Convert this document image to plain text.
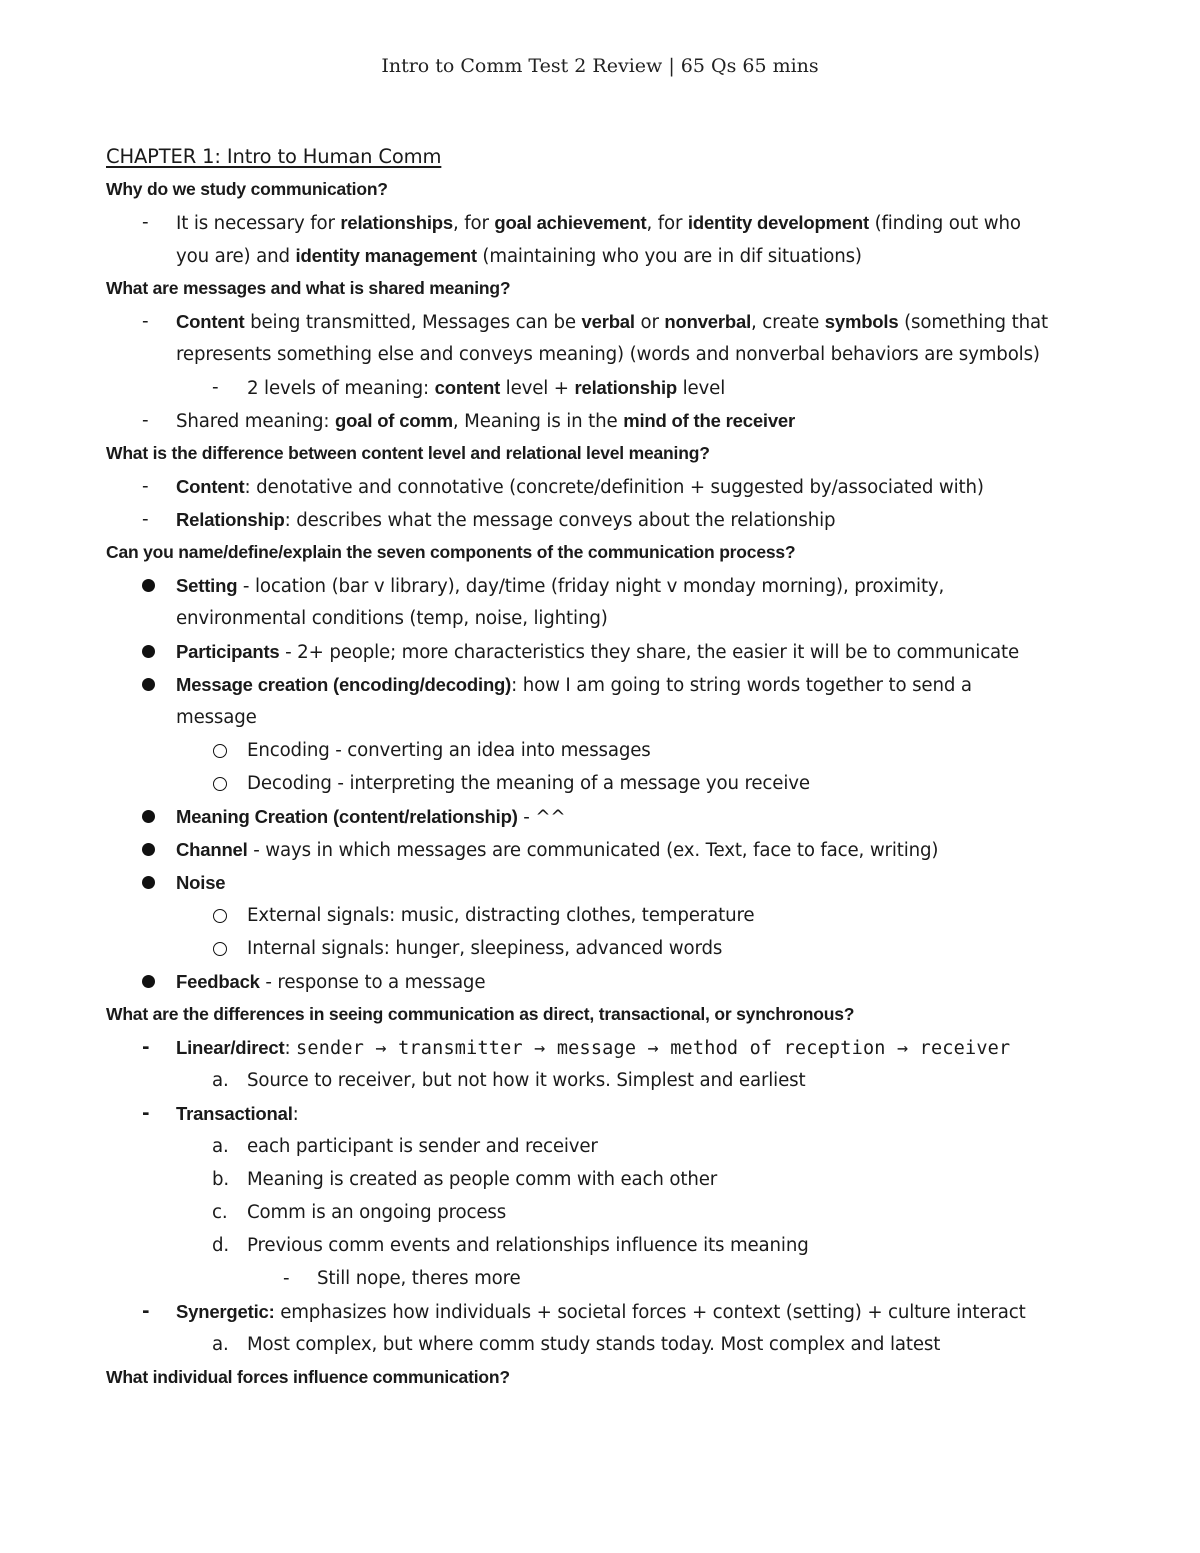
Intro to Comm Test 2 Review | 65 Qs 65 mins
CHAPTER 1: Intro to Human Comm
Why do we study communication?
- It is necessary for relationships, for goal achievement, for identity development (finding out who
you are) and identity management (maintaining who you are in dif situations)
What are messages and what is shared meaning?
- Content being transmitted, Messages can be verbal or nonverbal, create symbols (something that
represents something else and conveys meaning) (words and nonverbal behaviors are symbols)
- 2 levels of meaning: content level + relationship level
- Shared meaning: goal of comm, Meaning is in the mind of the receiver
What is the difference between content level and relational level meaning?
- Content: denotative and connotative (concrete/definition + suggested by/associated with)
- Relationship: describes what the message conveys about the relationship
Can you name/define/explain the seven components of the communication process?
Setting - location (bar v library), day/time (friday night v monday morning), proximity,
environmental conditions (temp, noise, lighting)
Participants - 2+ people; more characteristics they share, the easier it will be to communicate
Message creation (encoding/decoding): how I am going to string words together to send a
message
Encoding - converting an idea into messages
Decoding - interpreting the meaning of a message you receive
Meaning Creation (content/relationship) - ^^
Channel - ways in which messages are communicated (ex. Text, face to face, writing)
Noise
External signals: music, distracting clothes, temperature
Internal signals: hunger, sleepiness, advanced words
Feedback - response to a message
What are the differences in seeing communication as direct, transactional, or synchronous?
- Linear/direct: sender → transmitter → message → method of reception → receiver
a. Source to receiver, but not how it works. Simplest and earliest
- Transactional:
a. each participant is sender and receiver
b. Meaning is created as people comm with each other
c. Comm is an ongoing process
d. Previous comm events and relationships influence its meaning
- Still nope, theres more
- Synergetic: emphasizes how individuals + societal forces + context (setting) + culture interact
a. Most complex, but where comm study stands today. Most complex and latest
What individual forces influence communication?
